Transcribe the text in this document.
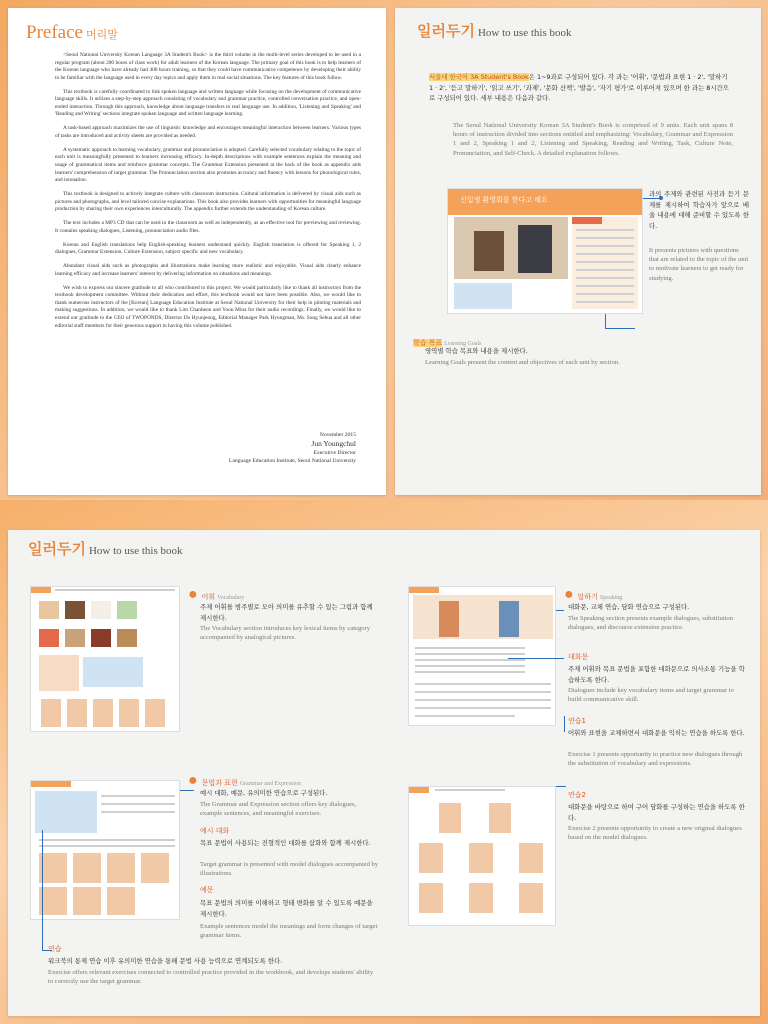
Preface 머리말

<Seoul National University Korean Language 3A Student's Book> is the third volume in the multi-level series developed to be used in a regular program (about 200 hours of class work) for adult learners of the Korean language. The primary goal of this book is to help learners of the Korean language who have already had 400 hours training, so that they could have communicative competence by developing their ability to be familiar with the language used in every day topics and apply them in real social situations. The key features of this book follow.

This textbook is carefully coordinated to link spoken language and written language while focusing on the development of communicative language skills. It utilizes a step-by-step approach consisting of vocabulary and grammar practice, controlled conversation practice, and open-ended interaction. Through this approach, knowledge about language transfers to real language use. In addition, 'Listening and Speaking' and 'Reading and Writing' sections integrate spoken language and written language learning.

A task-based approach maximizes the use of linguistic knowledge and encourages meaningful interaction between learners. Various types of tasks are introduced and activity sheets are provided as needed.

A systematic approach to learning vocabulary, grammar and pronunciation is adopted. Carefully selected vocabulary relating to the topic of each unit is meaningfully presented to learners increasing efficacy. In-depth descriptions with example sentences explain the meaning and usage of grammatical items and reinforce grammar concepts. The Grammar Extension presented at the back of the book as appendix aids learners' comprehension of target grammar. The Pronunciation section also promotes accuracy and fluency with lessons for phonological rules, and intonation.

This textbook is designed to actively integrate culture with classroom instruction. Cultural information is delivered by visual aids such as pictures and photographs, and level tailored concise explanations. This book also provides learners with opportunities for meaningful language production by sharing their own experiences interculturally. The appendix further extends the understanding of Korean culture.

The text includes a MP3 CD that can be used in the classroom as well as independently, as an effective tool for previewing and reviewing. It contains speaking dialogues, Listening, pronunciation audio files.

Korean and English translations help English-speaking learners understand quickly. English translation is offered for Speaking 1, 2 dialogues, Grammar Extension, Culture Extension, subject specific and new vocabulary.

Abundant visual aids such as photographs and illustrations make learning more realistic and enjoyable. Visual aids clearly enhance learning efficacy and increase learners' interest by delivering information on situations and meanings.

We wish to express our sincere gratitude to all who contributed to this project. We would particularly like to thank all instructors from the textbook development committee. Without their dedication and effort, this textbook would not have been possible. Also, we would like to thank numerous instructors of the [Korean] Language Education Institute at Seoul National University for their help in piloting materials and making suggestions. In addition, we would like to thank Lim Chanheon and Yoon Mina for their audio recordings. Finally, we would like to extend our gratitude to the CEO of TWOPONDS, Director Do Hyunjeong, Editorial Manager Park Hyungman, Ms. Song Sehua and all other editorial staff members for their generous support in having this volume published.

November 2015
Jun Youngchul
Executive Director
Language Education Institute, Seoul National University
일러두기 How to use this book
서울대 한국어 3A Student's Book은 1~9과로 구성되어 있다. 각 과는 '어휘', '문법과 표현 1 · 2', '말하기 1 · 2', '듣고 말하기', '읽고 쓰기', '과제', '문화 산책', '발음', '자기 평가'로 이루어져 있으며 한 과는 8시간으로 구성되어 있다. 세부 내용은 다음과 같다.
The Seoul National University Korean 3A Student's Book is comprised of 9 units. Each unit spans 8 hours of instruction divided into sections entitled and emphasizing: Vocabulary, Grammar and Expression 1 and 2, Speaking 1 and 2, Listening and Speaking, Reading and Writing, Task, Culture Note, Pronunciation, and Self-Check. A detailed explanation follows.
신입생 환영회를 한다고 해요
과의 주제와 관련된 사진과 듣기 문제를 제시하여 학습자가 앞으로 배울 내용에 대해 준비할 수 있도록 한다.
It presents pictures with questions that are related to the topic of the unit to motivate learners to get ready for studying.
학습 목표 Learning Goals
영역별 학습 목표와 내용을 제시한다.
Learning Goals present the content and objectives of each unit by section.
일러두기 How to use this book
● 어휘 Vocabulary
주제 어휘를 범주별로 모아 의미를 유추할 수 있는 그림과 함께 제시한다.
The Vocabulary section introduces key lexical items by category accompanied by analogical pictures.
● 문법과 표현 Grammar and Expression
예시 대화, 예문, 유의미한 연습으로 구성된다.
The Grammar and Expression section offers key dialogues, example sentences, and meaningful exercises.
예시 대화
목표 문법이 사용되는 전형적인 대화를 삽화와 함께 제시한다.
Target grammar is presented with model dialogues accompanied by illustrations.
예문
목표 문법의 의미를 이해하고 형태 변화를 알 수 있도록 예문을 제시한다.
Example sentences model the meanings and form changes of target grammar items.
연습
워크북의 통제 연습 이후 유의미한 연습을 통해 문법 사용 능력으로 연계되도록 한다.
Exercise offers relevant exercises connected to controlled practice provided in the workbook, and develops students' ability to correctly use the target grammar.
● 말하기 Speaking
대화문, 교체 연습, 담화 연습으로 구성된다.
The Speaking section presents example dialogues, substitution dialogues, and discourse extension practice.
대화문
주제 어휘와 목표 문법을 포함한 대화문으로 의사소통 기능을 학습하도록 한다.
Dialogues include key vocabulary items and target grammar to build communicative skill.
연습1
어휘와 표현을 교체하면서 대화문을 익히는 연습을 하도록 한다.
Exercise 1 presents opportunity to practice new dialogues through the substitution of vocabulary and expressions.
연습2
대화문을 바탕으로 하여 구어 담화를 구성하는 연습을 하도록 한다.
Exercise 2 presents opportunity to create a new original dialogues based on the model dialogues.
